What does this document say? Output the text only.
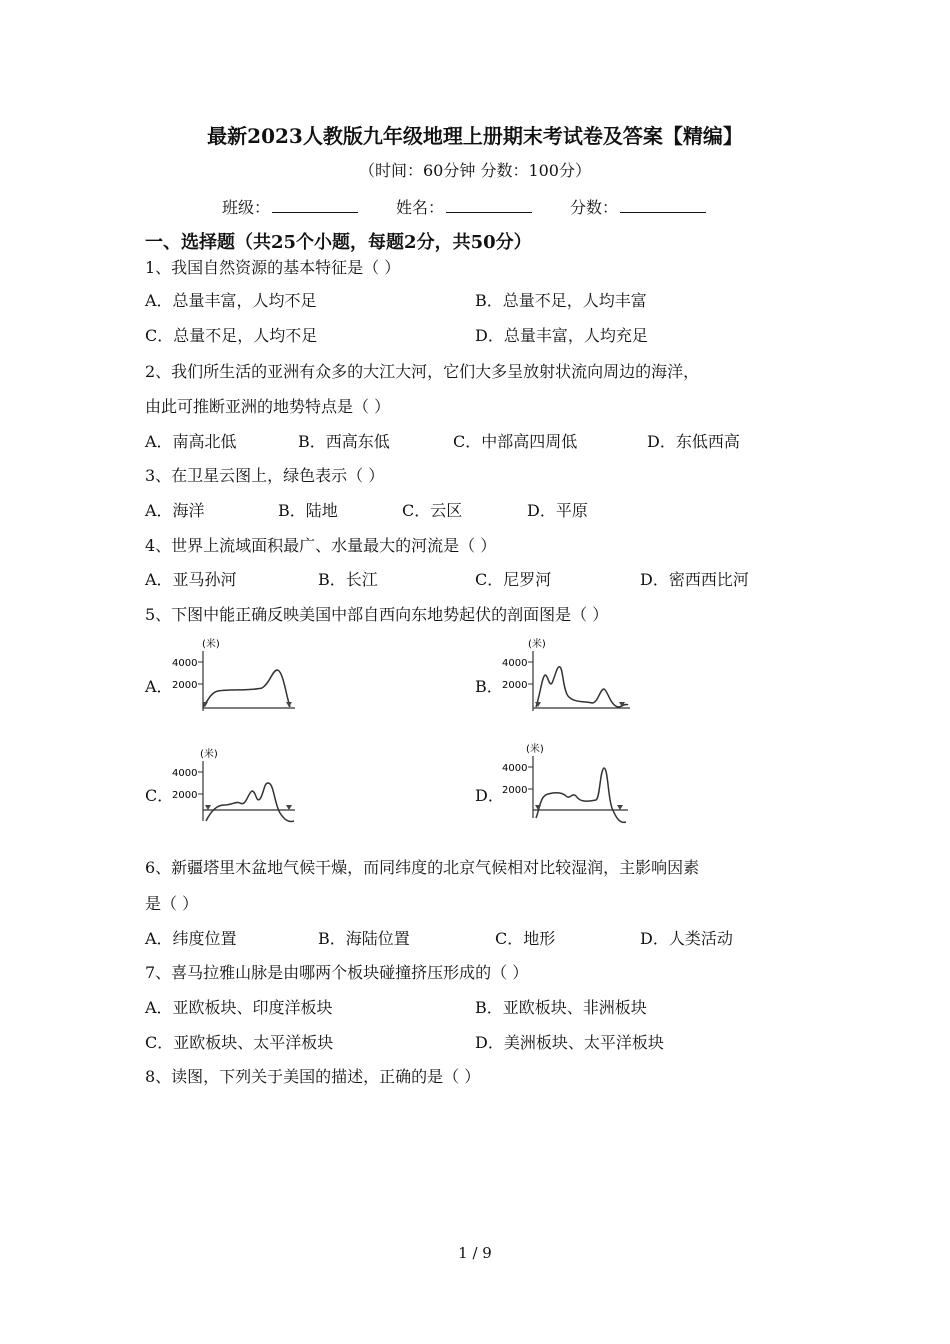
最新2023人教版九年级地理上册期末考试卷及答案【精编】
（时间：60分钟 分数：100分）
班级：	姓名：	分数：
一、选择题（共25个小题，每题2分，共50分）
1、我国自然资源的基本特征是（ ）
A．总量丰富，人均不足	B．总量不足，人均丰富
C．总量不足，人均不足	D．总量丰富，人均充足
2、我们所生活的亚洲有众多的大江大河，它们大多呈放射状流向周边的海洋，
由此可推断亚洲的地势特点是（ ）
A．南高北低	B．西高东低	C．中部高四周低	D．东低西高
3、在卫星云图上，绿色表示（ ）
A．海洋	B．陆地	C．云区	D．平原
4、世界上流域面积最广、水量最大的河流是（ ）
A．亚马孙河	B．长江	C．尼罗河	D．密西西比河
5、下图中能正确反映美国中部自西向东地势起伏的剖面图是（ ）
A．
(米)
4000
2000	B．
(米)
4000
2000
C．
(米)
4000
2000	D．
(米)
4000
2000
6、新疆塔里木盆地气候干燥，而同纬度的北京气候相对比较湿润，主影响因素
是（ ）
A．纬度位置	B．海陆位置	C．地形	D．人类活动
7、喜马拉雅山脉是由哪两个板块碰撞挤压形成的（ ）
A．亚欧板块、印度洋板块	B．亚欧板块、非洲板块
C．亚欧板块、太平洋板块	D．美洲板块、太平洋板块
8、读图，下列关于美国的描述，正确的是（ ）
1 / 9
